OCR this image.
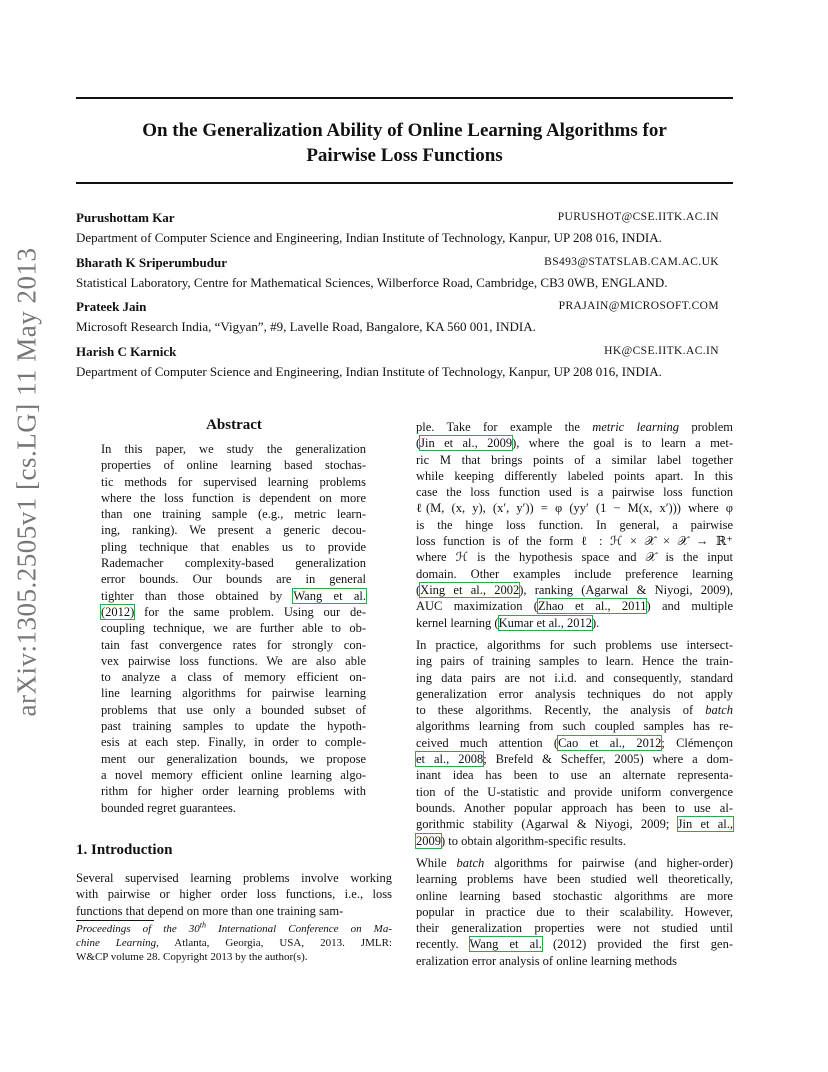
On the Generalization Ability of Online Learning Algorithms for
Pairwise Loss Functions
Purushottam Kar	PURUSHOT@CSE.IITK.AC.IN
Department of Computer Science and Engineering, Indian Institute of Technology, Kanpur, UP 208 016, INDIA.
Bharath K Sriperumbudur	BS493@STATSLAB.CAM.AC.UK
Statistical Laboratory, Centre for Mathematical Sciences, Wilberforce Road, Cambridge, CB3 0WB, ENGLAND.
Prateek Jain	PRAJAIN@MICROSOFT.COM
Microsoft Research India, “Vigyan”, #9, Lavelle Road, Bangalore, KA 560 001, INDIA.
Harish C Karnick	HK@CSE.IITK.AC.IN
Department of Computer Science and Engineering, Indian Institute of Technology, Kanpur, UP 208 016, INDIA.
arXiv:1305.2505v1 [cs.LG] 11 May 2013	Abstract
In this paper, we study the generalization
properties of online learning based stochas-
tic methods for supervised learning problems
where the loss function is dependent on more
than one training sample (e.g., metric learn-
ing, ranking). We present a generic decou-
pling technique that enables us to provide
Rademacher complexity-based generalization
error bounds. Our bounds are in general
tighter than those obtained by Wang et al.
(2012) for the same problem. Using our de-
coupling technique, we are further able to ob-
tain fast convergence rates for strongly con-
vex pairwise loss functions. We are also able
to analyze a class of memory efficient on-
line learning algorithms for pairwise learning
problems that use only a bounded subset of
past training samples to update the hypoth-
esis at each step. Finally, in order to comple-
ment our generalization bounds, we propose
a novel memory efficient online learning algo-
rithm for higher order learning problems with
bounded regret guarantees.
1. Introduction
Several supervised learning problems involve working
with pairwise or higher order loss functions, i.e., loss
functions that depend on more than one training sam-
Proceedings of the 30th International Conference on Ma-
chine Learning, Atlanta, Georgia, USA, 2013. JMLR:
W&CP volume 28. Copyright 2013 by the author(s).
ple. Take for example the metric learning problem
(Jin et al., 2009), where the goal is to learn a met-
ric M that brings points of a similar label together
while keeping differently labeled points apart. In this
case the loss function used is a pairwise loss function
ℓ(M, (x, y), (x′, y′)) = φ (yy′ (1 − M(x, x′))) where φ
is the hinge loss function. In general, a pairwise
loss function is of the form ℓ : ℋ × 𝒳 × 𝒳 → ℝ⁺
where ℋ is the hypothesis space and 𝒳 is the input
domain. Other examples include preference learning
(Xing et al., 2002), ranking (Agarwal & Niyogi, 2009),
AUC maximization (Zhao et al., 2011) and multiple
kernel learning (Kumar et al., 2012).
In practice, algorithms for such problems use intersect-
ing pairs of training samples to learn. Hence the train-
ing data pairs are not i.i.d. and consequently, standard
generalization error analysis techniques do not apply
to these algorithms. Recently, the analysis of batch
algorithms learning from such coupled samples has re-
ceived much attention (Cao et al., 2012; Clémençon
et al., 2008; Brefeld & Scheffer, 2005) where a dom-
inant idea has been to use an alternate representa-
tion of the U-statistic and provide uniform convergence
bounds. Another popular approach has been to use al-
gorithmic stability (Agarwal & Niyogi, 2009; Jin et al.,
2009) to obtain algorithm-specific results.
While batch algorithms for pairwise (and higher-order)
learning problems have been studied well theoretically,
online learning based stochastic algorithms are more
popular in practice due to their scalability. However,
their generalization properties were not studied until
recently. Wang et al. (2012) provided the first gen-
eralization error analysis of online learning methods
